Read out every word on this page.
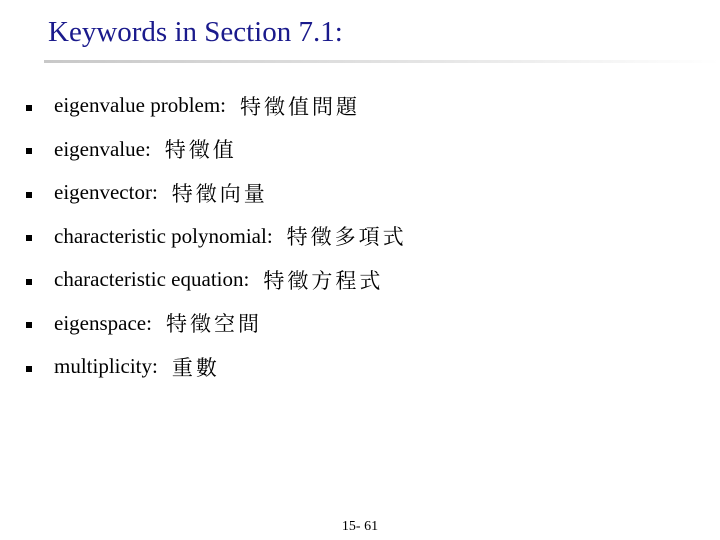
Keywords in Section 7.1:
eigenvalue problem: 特徵值問題
eigenvalue: 特徵值
eigenvector: 特徵向量
characteristic polynomial: 特徵多項式
characteristic equation: 特徵方程式
eigenspace: 特徵空間
multiplicity: 重數
15- 61
